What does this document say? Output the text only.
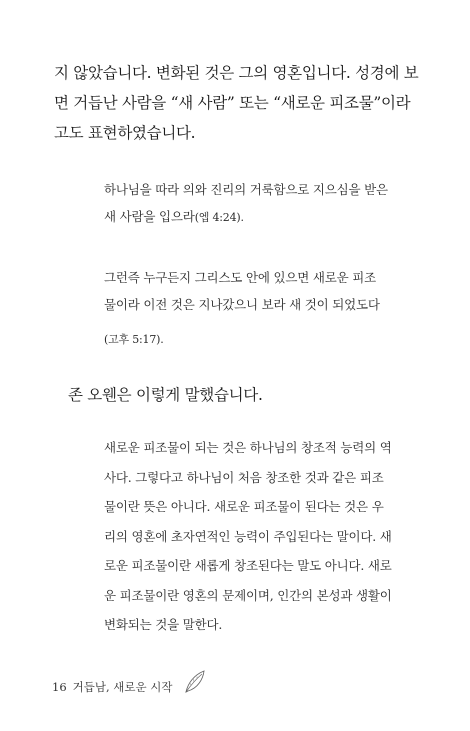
지 않았습니다. 변화된 것은 그의 영혼입니다. 성경에 보
면 거듭난 사람을 “새 사람” 또는 “새로운 피조물”이라
고도 표현하였습니다.

하나님을 따라 의와 진리의 거룩함으로 지으심을 받은
새 사람을 입으라(엡 4:24).

그런즉 누구든지 그리스도 안에 있으면 새로운 피조
물이라 이전 것은 지나갔으니 보라 새 것이 되었도다
(고후 5:17).

존 오웬은 이렇게 말했습니다.

새로운 피조물이 되는 것은 하나님의 창조적 능력의 역
사다. 그렇다고 하나님이 처음 창조한 것과 같은 피조
물이란 뜻은 아니다. 새로운 피조물이 된다는 것은 우
리의 영혼에 초자연적인 능력이 주입된다는 말이다. 새
로운 피조물이란 새롭게 창조된다는 말도 아니다. 새로
운 피조물이란 영혼의 문제이며, 인간의 본성과 생활이
변화되는 것을 말한다.

16 거듭남, 새로운 시작
